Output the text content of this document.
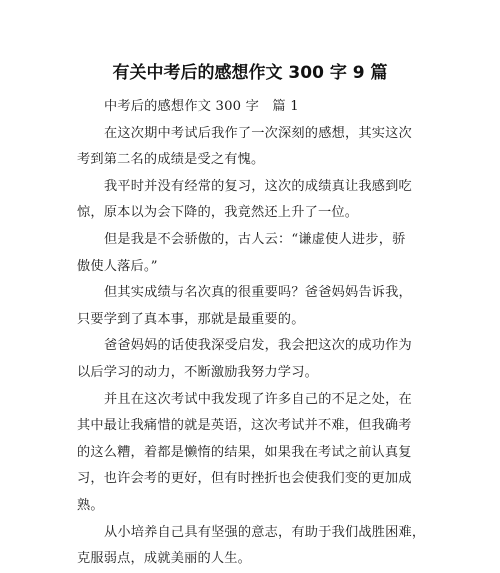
有关中考后的感想作文 300 字 9 篇

中考后的感想作文 300 字　篇 1

在这次期中考试后我作了一次深刻的感想，其实这次
考到第二名的成绩是受之有愧。

我平时并没有经常的复习，这次的成绩真让我感到吃
惊，原本以为会下降的，我竟然还上升了一位。

但是我是不会骄傲的，古人云：“谦虚使人进步，骄
傲使人落后。”

但其实成绩与名次真的很重要吗？爸爸妈妈告诉我，
只要学到了真本事，那就是最重要的。

爸爸妈妈的话使我深受启发，我会把这次的成功作为
以后学习的动力，不断激励我努力学习。

并且在这次考试中我发现了许多自己的不足之处，在
其中最让我痛惜的就是英语，这次考试并不难，但我确考
的这么糟，着都是懒惰的结果，如果我在考试之前认真复
习，也许会考的更好，但有时挫折也会使我们变的更加成
熟。

从小培养自己具有坚强的意志，有助于我们战胜困难，
克服弱点，成就美丽的人生。
